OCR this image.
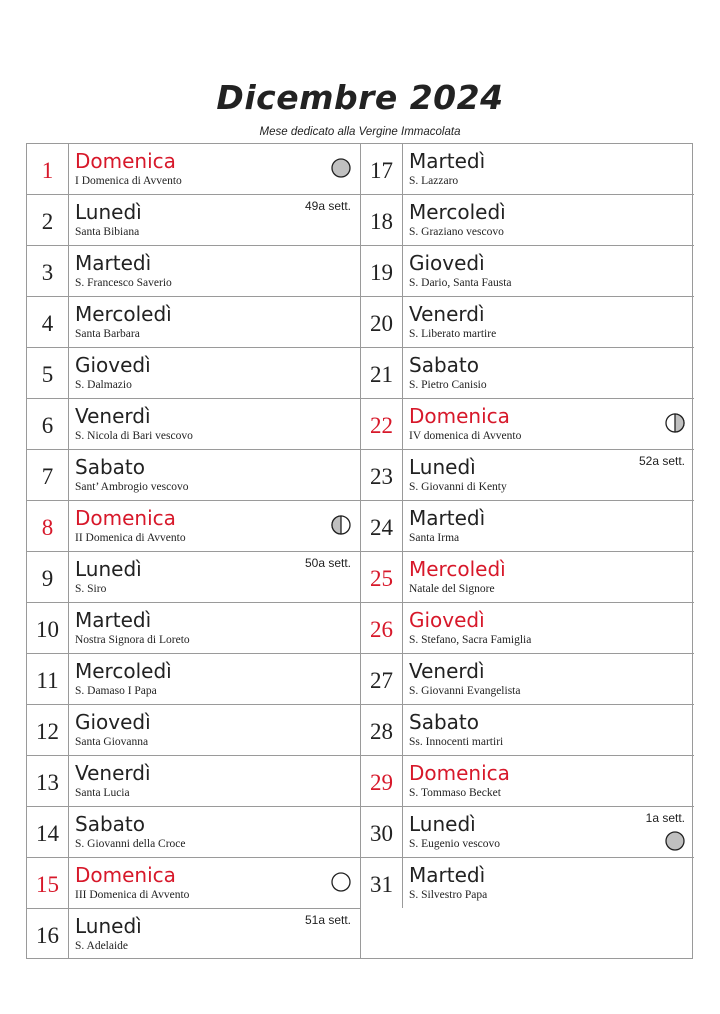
Dicembre 2024
Mese dedicato alla Vergine Immacolata
1	Domenica
I Domenica di Avvento
2	Lunedì
Santa Bibiana
49a sett.
3	Martedì
S. Francesco Saverio
4	Mercoledì
Santa Barbara
5	Giovedì
S. Dalmazio
6	Venerdì
S. Nicola di Bari vescovo
7	Sabato
Sant’ Ambrogio vescovo
8	Domenica
II Domenica di Avvento
9	Lunedì
S. Siro
50a sett.
10 Martedì
Nostra Signora di Loreto
11 Mercoledì
S. Damaso I Papa
12 Giovedì
Santa Giovanna
13 Venerdì
Santa Lucia
14 Sabato
S. Giovanni della Croce
15 Domenica
III Domenica di Avvento
16 Lunedì
S. Adelaide
51a sett.
17 Martedì
S. Lazzaro
18 Mercoledì
S. Graziano vescovo
19 Giovedì
S. Dario, Santa Fausta
20 Venerdì
S. Liberato martire
21 Sabato
S. Pietro Canisio
22 Domenica
IV domenica di Avvento
23 Lunedì
S. Giovanni di Kenty
52a sett.
24 Martedì
Santa Irma
25 Mercoledì
Natale del Signore
26 Giovedì
S. Stefano, Sacra Famiglia
27 Venerdì
S. Giovanni Evangelista
28 Sabato
Ss. Innocenti martiri
29 Domenica
S. Tommaso Becket
30 Lunedì
S. Eugenio vescovo
1a sett.
31 Martedì
S. Silvestro Papa
